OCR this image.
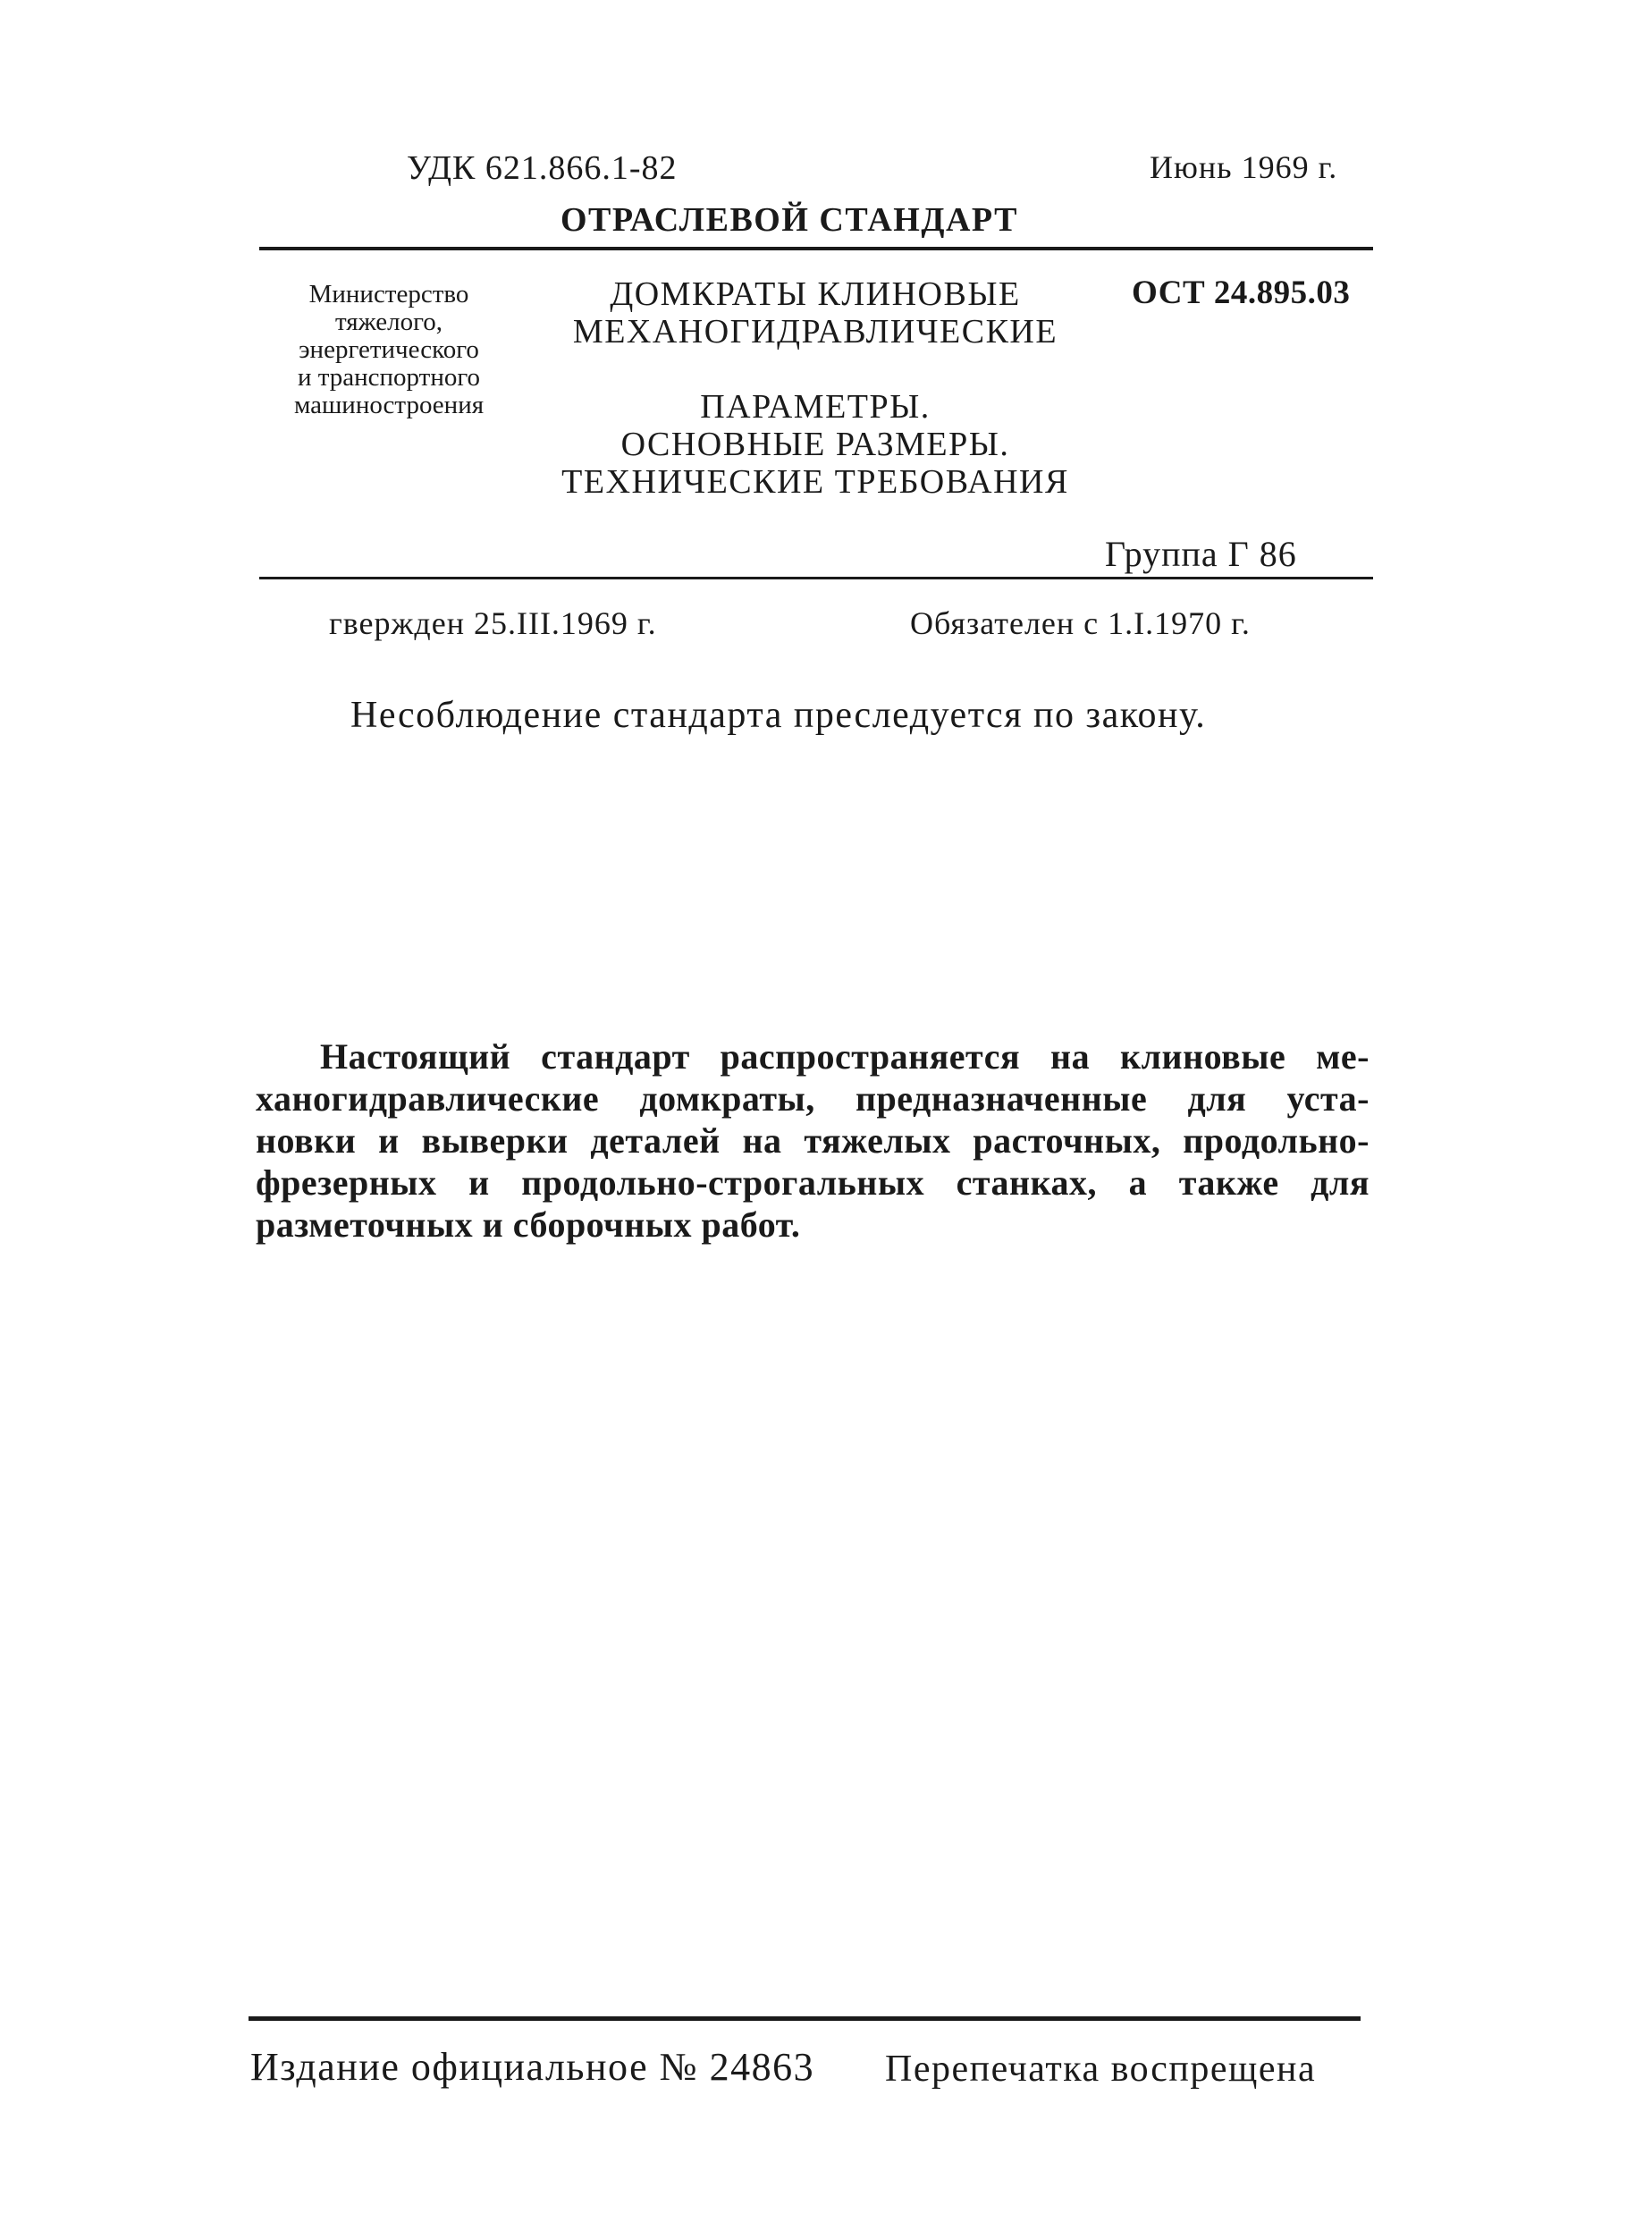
УДК 621.866.1-82	Июнь 1969 г.
ОТРАСЛЕВОЙ СТАНДАРТ
Министерство
тяжелого,
энергетического
и транспортного
машиностроения
ДОМКРАТЫ КЛИНОВЫЕ
МЕХАНОГИДРАВЛИЧЕСКИЕ
ПАРАМЕТРЫ.
ОСНОВНЫЕ РАЗМЕРЫ.
ТЕХНИЧЕСКИЕ ТРЕБОВАНИЯ
ОСТ 24.895.03
Группа Г 86
гвержден 25.III.1969 г.	Обязателен с 1.I.1970 г.
Несоблюдение стандарта преследуется по закону.
Настоящий стандарт распространяется на клиновые ме-
ханогидравлические домкраты, предназначенные для уста-
новки и выверки деталей на тяжелых расточных, продольно-
фрезерных и продольно-строгальных станках, а также для
разметочных и сборочных работ.
Издание официальное № 24863 Перепечатка воспрещена
